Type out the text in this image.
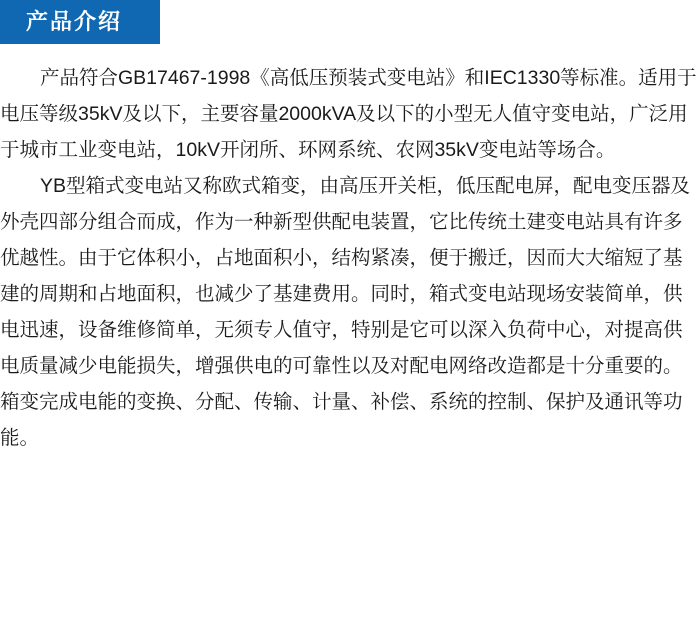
产品介绍

产品符合GB17467-1998《高低压预装式变电站》和IEC1330等标准。适用于电压等级35kV及以下，主要容量2000kVA及以下的小型无人值守变电站，广泛用于城市工业变电站，10kV开闭所、环网系统、农网35kV变电站等场合。

YB型箱式变电站又称欧式箱变，由高压开关柜，低压配电屏，配电变压器及外壳四部分组合而成，作为一种新型供配电装置，它比传统土建变电站具有许多优越性。由于它体积小，占地面积小，结构紧凑，便于搬迁，因而大大缩短了基建的周期和占地面积，也减少了基建费用。同时，箱式变电站现场安装简单，供电迅速，设备维修简单，无须专人值守，特别是它可以深入负荷中心，对提高供电质量减少电能损失，增强供电的可靠性以及对配电网络改造都是十分重要的。箱变完成电能的变换、分配、传输、计量、补偿、系统的控制、保护及通讯等功能。
